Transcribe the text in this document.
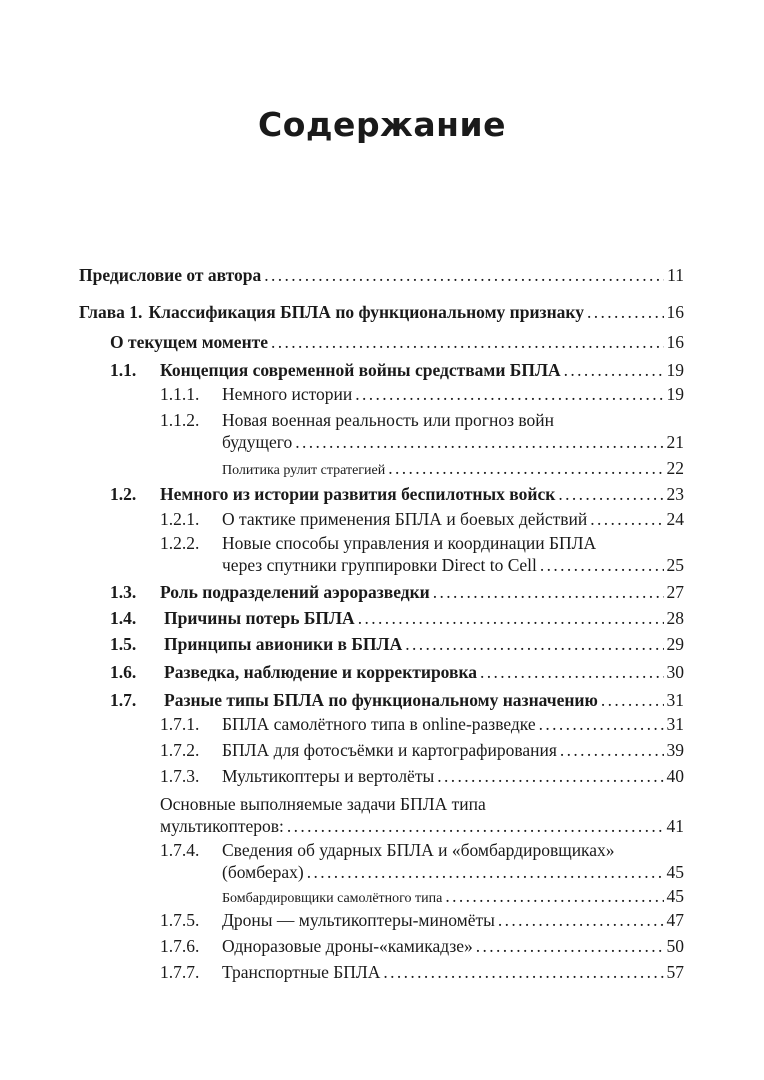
Содержание
Предисловие от автора . . .	11
Глава 1. Классификация БПЛА по функциональному признаку . . .	16
О текущем моменте . . .	16
1.1.	Концепция современной войны средствами БПЛА . . .	19
1.1.1.	Немного истории . . .	19
1.1.2. Новая военная реальность или прогноз войн
будущего . . .	21
Политика рулит стратегией . . .	22
1.2.	Немного из истории развития беспилотных войск . . .	23
1.2.1.	О тактике применения БПЛА и боевых действий . . .	24
1.2.2. Новые способы управления и координации БПЛА
через спутники группировки Direct to Cell . . .	25
1.3.	Роль подразделений аэроразведки . . .	27
1.4.	Причины потерь БПЛА . . .	28
1.5.	Принципы авионики в БПЛА . . .	29
1.6.	Разведка, наблюдение и корректировка . . .	30
1.7.	Разные типы БПЛА по функциональному назначению . . .	31
1.7.1.	БПЛА самолётного типа в online-разведке . . .	31
1.7.2.	БПЛА для фотосъёмки и картографирования . . .	39
1.7.3.	Мультикоптеры и вертолёты . . .	40
Основные выполняемые задачи БПЛА типа
мультикоптеров: . . .	41
1.7.4. Сведения об ударных БПЛА и «бомбардировщиках»
(бомберах) . . .	45
Бомбардировщики самолётного типа . . .	45
1.7.5.	Дроны — мультикоптеры-миномёты . . .	47
1.7.6.	Одноразовые дроны-«камикадзе» . . .	50
1.7.7.	Транспортные БПЛА . . .	57
